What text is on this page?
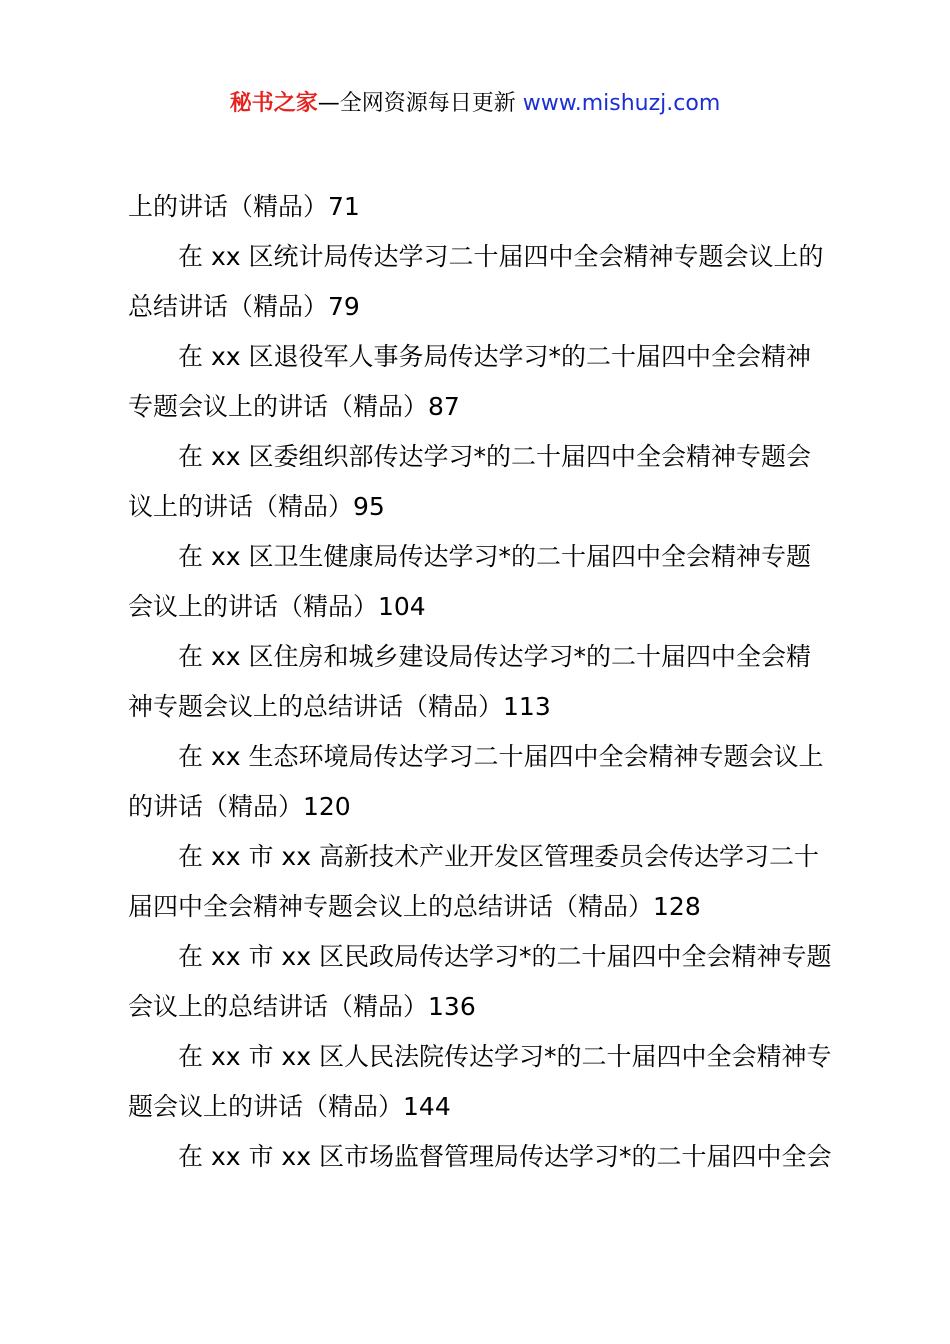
秘书之家—全网资源每日更新 www.mishuzj.com
上的讲话（精品）71
在 xx 区统计局传达学习二十届四中全会精神专题会议上的
总结讲话（精品）79
在 xx 区退役军人事务局传达学习*的二十届四中全会精神
专题会议上的讲话（精品）87
在 xx 区委组织部传达学习*的二十届四中全会精神专题会
议上的讲话（精品）95
在 xx 区卫生健康局传达学习*的二十届四中全会精神专题
会议上的讲话（精品）104
在 xx 区住房和城乡建设局传达学习*的二十届四中全会精
神专题会议上的总结讲话（精品）113
在 xx 生态环境局传达学习二十届四中全会精神专题会议上
的讲话（精品）120
在 xx 市 xx 高新技术产业开发区管理委员会传达学习二十
届四中全会精神专题会议上的总结讲话（精品）128
在 xx 市 xx 区民政局传达学习*的二十届四中全会精神专题
会议上的总结讲话（精品）136
在 xx 市 xx 区人民法院传达学习*的二十届四中全会精神专
题会议上的讲话（精品）144
在 xx 市 xx 区市场监督管理局传达学习*的二十届四中全会
